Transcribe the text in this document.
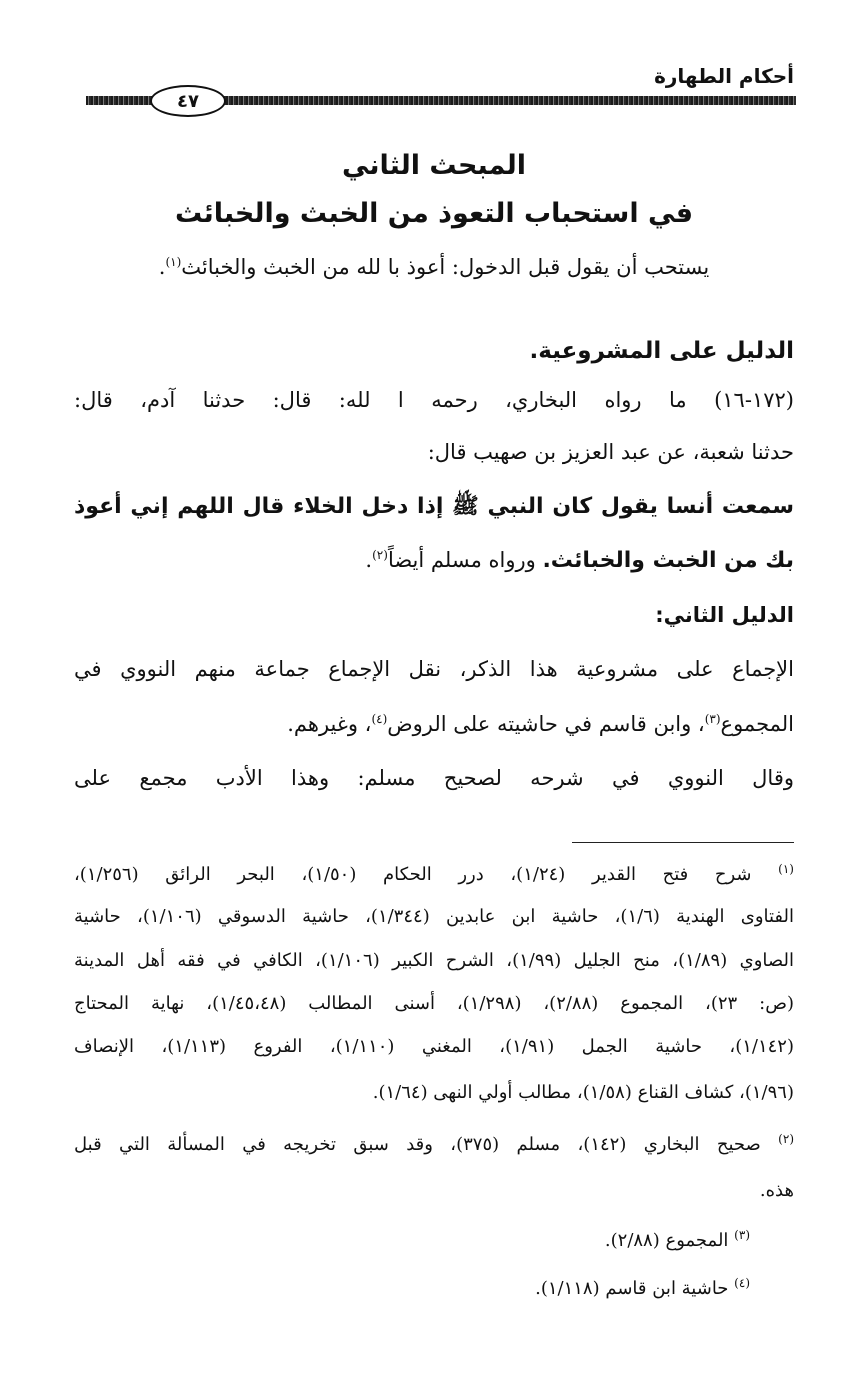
أحكام الطهارة
٤٧
المبحث الثاني
في استحباب التعوذ من الخبث والخبائث
يستحب أن يقول قبل الدخول: أعوذ با لله من الخبث والخبائث$^{(١)}$.
الدليل على المشروعية.
(١٧٢-١٦) ما رواه البخاري، رحمه ا لله: قال: حدثنا آدم، قال:
حدثنا شعبة، عن عبد العزيز بن صهيب قال:
سمعت أنسا يقول كان النبي ﷺ إذا دخل الخلاء قال اللهم إني أعوذ
بك من الخبث والخبائث. ورواه مسلم أيضاً$^{(٢)}$.
الدليل الثاني:
الإجماع على مشروعية هذا الذكر، نقل الإجماع جماعة منهم النووي في
المجموع$^{(٣)}$، وابن قاسم في حاشيته على الروض$^{(٤)}$، وغيرهم.
وقال النووي في شرحه لصحيح مسلم: وهذا الأدب مجمع على
$^{(١)}$ شرح فتح القدير (١/٢٤)، درر الحكام (١/٥٠)، البحر الرائق (١/٢٥٦)،
الفتاوى الهندية (١/٦)، حاشية ابن عابدين (١/٣٤٤)، حاشية الدسوقي (١/١٠٦)، حاشية
الصاوي (١/٨٩)، منح الجليل (١/٩٩)، الشرح الكبير (١/١٠٦)، الكافي في فقه أهل المدينة
(ص: ٢٣)، المجموع (٢/٨٨)، (١/٢٩٨)، أسنى المطالب (١/٤٥،٤٨)، نهاية المحتاج
(١/١٤٢)، حاشية الجمل (١/٩١)، المغني (١/١١٠)، الفروع (١/١١٣)، الإنصاف
(١/٩٦)، كشاف القناع (١/٥٨)، مطالب أولي النهى (١/٦٤).
$^{(٢)}$ صحيح البخاري (١٤٢)، مسلم (٣٧٥)، وقد سبق تخريجه في المسألة التي قبل
هذه.
$^{(٣)}$ المجموع (٢/٨٨).
$^{(٤)}$ حاشية ابن قاسم (١/١١٨).
